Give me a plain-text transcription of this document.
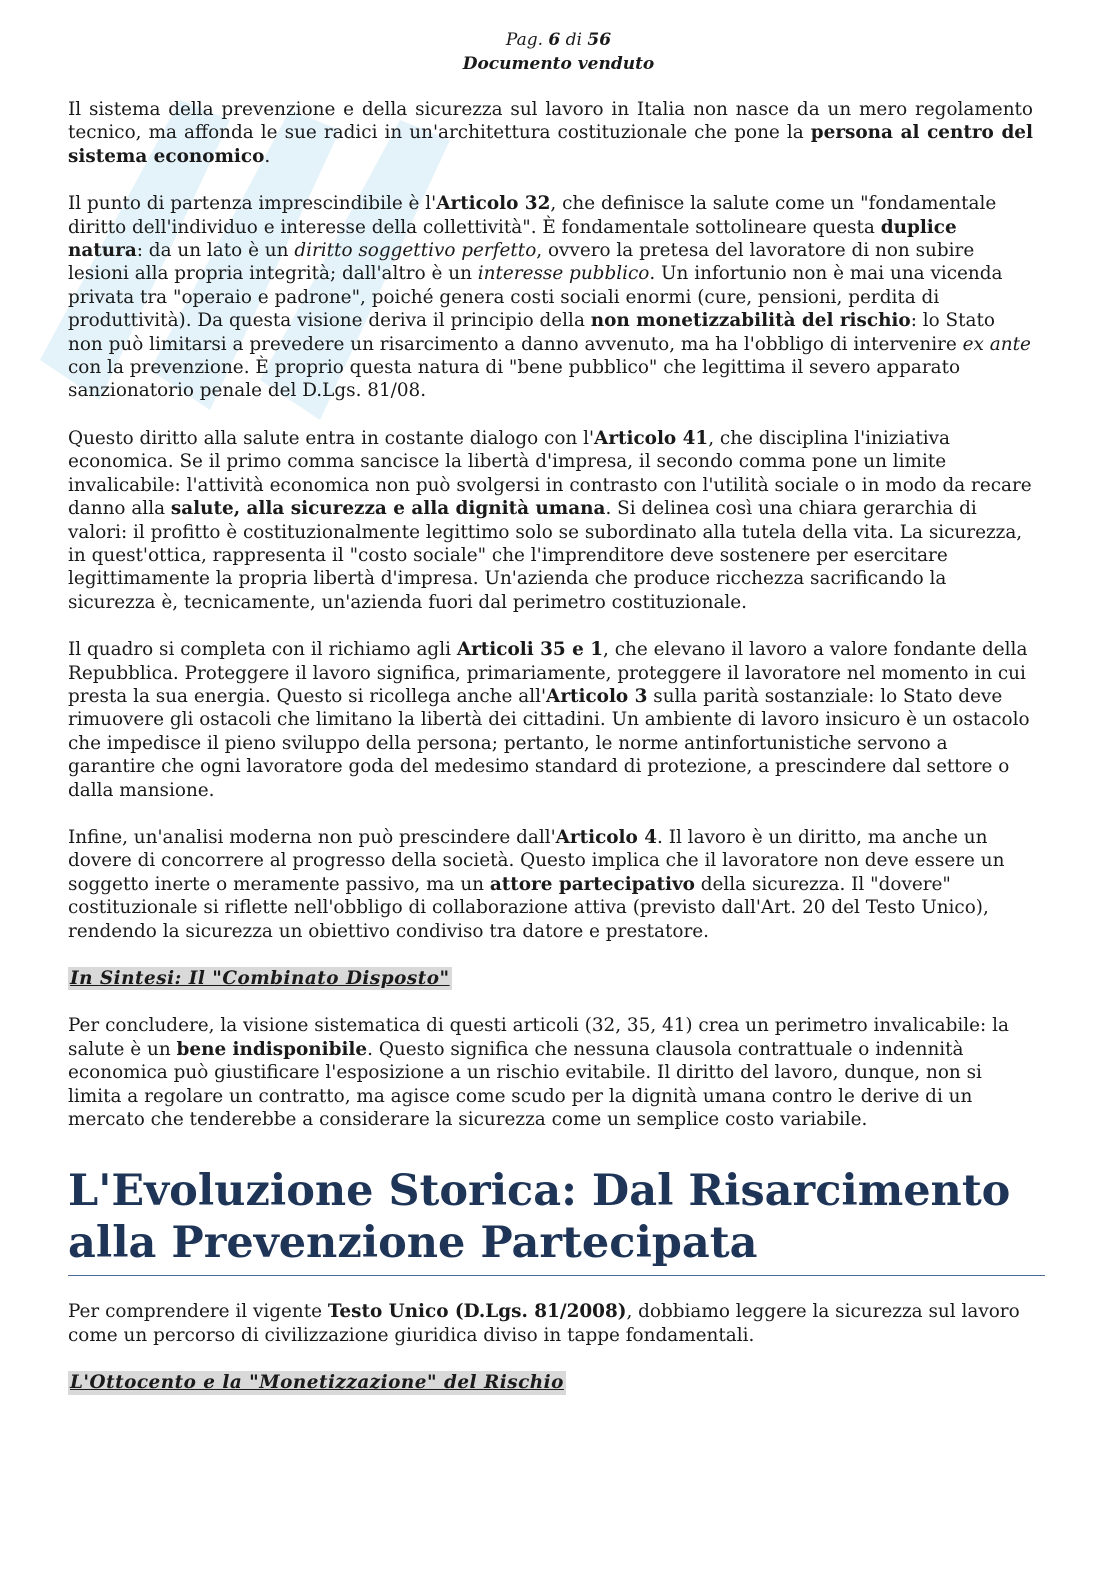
Pag. 6 di 56
Documento venduto

Il sistema della prevenzione e della sicurezza sul lavoro in Italia non nasce da un mero regolamento tecnico, ma affonda le sue radici in un'architettura costituzionale che pone la persona al centro del sistema economico.

Il punto di partenza imprescindibile è l'Articolo 32, che definisce la salute come un "fondamentale diritto dell'individuo e interesse della collettività". È fondamentale sottolineare questa duplice natura: da un lato è un diritto soggettivo perfetto, ovvero la pretesa del lavoratore di non subire lesioni alla propria integrità; dall'altro è un interesse pubblico. Un infortunio non è mai una vicenda privata tra "operaio e padrone", poiché genera costi sociali enormi (cure, pensioni, perdita di produttività). Da questa visione deriva il principio della non monetizzabilità del rischio: lo Stato non può limitarsi a prevedere un risarcimento a danno avvenuto, ma ha l'obbligo di intervenire ex ante con la prevenzione. È proprio questa natura di "bene pubblico" che legittima il severo apparato sanzionatorio penale del D.Lgs. 81/08.

Questo diritto alla salute entra in costante dialogo con l'Articolo 41, che disciplina l'iniziativa economica. Se il primo comma sancisce la libertà d'impresa, il secondo comma pone un limite invalicabile: l'attività economica non può svolgersi in contrasto con l'utilità sociale o in modo da recare danno alla salute, alla sicurezza e alla dignità umana. Si delinea così una chiara gerarchia di valori: il profitto è costituzionalmente legittimo solo se subordinato alla tutela della vita. La sicurezza, in quest'ottica, rappresenta il "costo sociale" che l'imprenditore deve sostenere per esercitare legittimamente la propria libertà d'impresa. Un'azienda che produce ricchezza sacrificando la sicurezza è, tecnicamente, un'azienda fuori dal perimetro costituzionale.

Il quadro si completa con il richiamo agli Articoli 35 e 1, che elevano il lavoro a valore fondante della Repubblica. Proteggere il lavoro significa, primariamente, proteggere il lavoratore nel momento in cui presta la sua energia. Questo si ricollega anche all'Articolo 3 sulla parità sostanziale: lo Stato deve rimuovere gli ostacoli che limitano la libertà dei cittadini. Un ambiente di lavoro insicuro è un ostacolo che impedisce il pieno sviluppo della persona; pertanto, le norme antinfortunistiche servono a garantire che ogni lavoratore goda del medesimo standard di protezione, a prescindere dal settore o dalla mansione.

Infine, un'analisi moderna non può prescindere dall'Articolo 4. Il lavoro è un diritto, ma anche un dovere di concorrere al progresso della società. Questo implica che il lavoratore non deve essere un soggetto inerte o meramente passivo, ma un attore partecipativo della sicurezza. Il "dovere" costituzionale si riflette nell'obbligo di collaborazione attiva (previsto dall'Art. 20 del Testo Unico), rendendo la sicurezza un obiettivo condiviso tra datore e prestatore.

In Sintesi: Il "Combinato Disposto"

Per concludere, la visione sistematica di questi articoli (32, 35, 41) crea un perimetro invalicabile: la salute è un bene indisponibile. Questo significa che nessuna clausola contrattuale o indennità economica può giustificare l'esposizione a un rischio evitabile. Il diritto del lavoro, dunque, non si limita a regolare un contratto, ma agisce come scudo per la dignità umana contro le derive di un mercato che tenderebbe a considerare la sicurezza come un semplice costo variabile.

L'Evoluzione Storica: Dal Risarcimento alla Prevenzione Partecipata

Per comprendere il vigente Testo Unico (D.Lgs. 81/2008), dobbiamo leggere la sicurezza sul lavoro come un percorso di civilizzazione giuridica diviso in tappe fondamentali.

L'Ottocento e la "Monetizzazione" del Rischio
